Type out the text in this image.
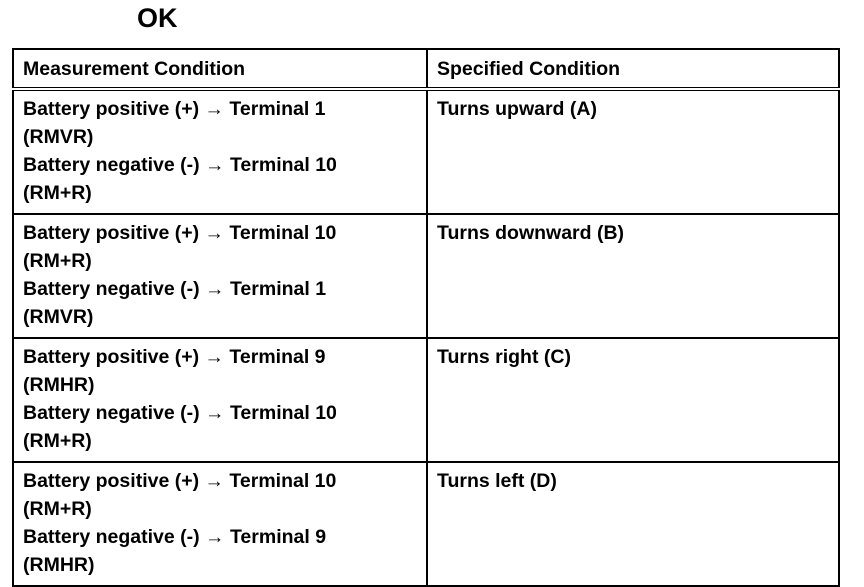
OK
Measurement Condition	Specified Condition

Battery positive (+) → Terminal 1
(RMVR)
Battery negative (-) → Terminal 10
(RM+R)	Turns upward (A)

Battery positive (+) → Terminal 10
(RM+R)
Battery negative (-) → Terminal 1
(RMVR)	Turns downward (B)

Battery positive (+) → Terminal 9
(RMHR)
Battery negative (-) → Terminal 10
(RM+R)	Turns right (C)

Battery positive (+) → Terminal 10
(RM+R)
Battery negative (-) → Terminal 9
(RMHR)	Turns left (D)
